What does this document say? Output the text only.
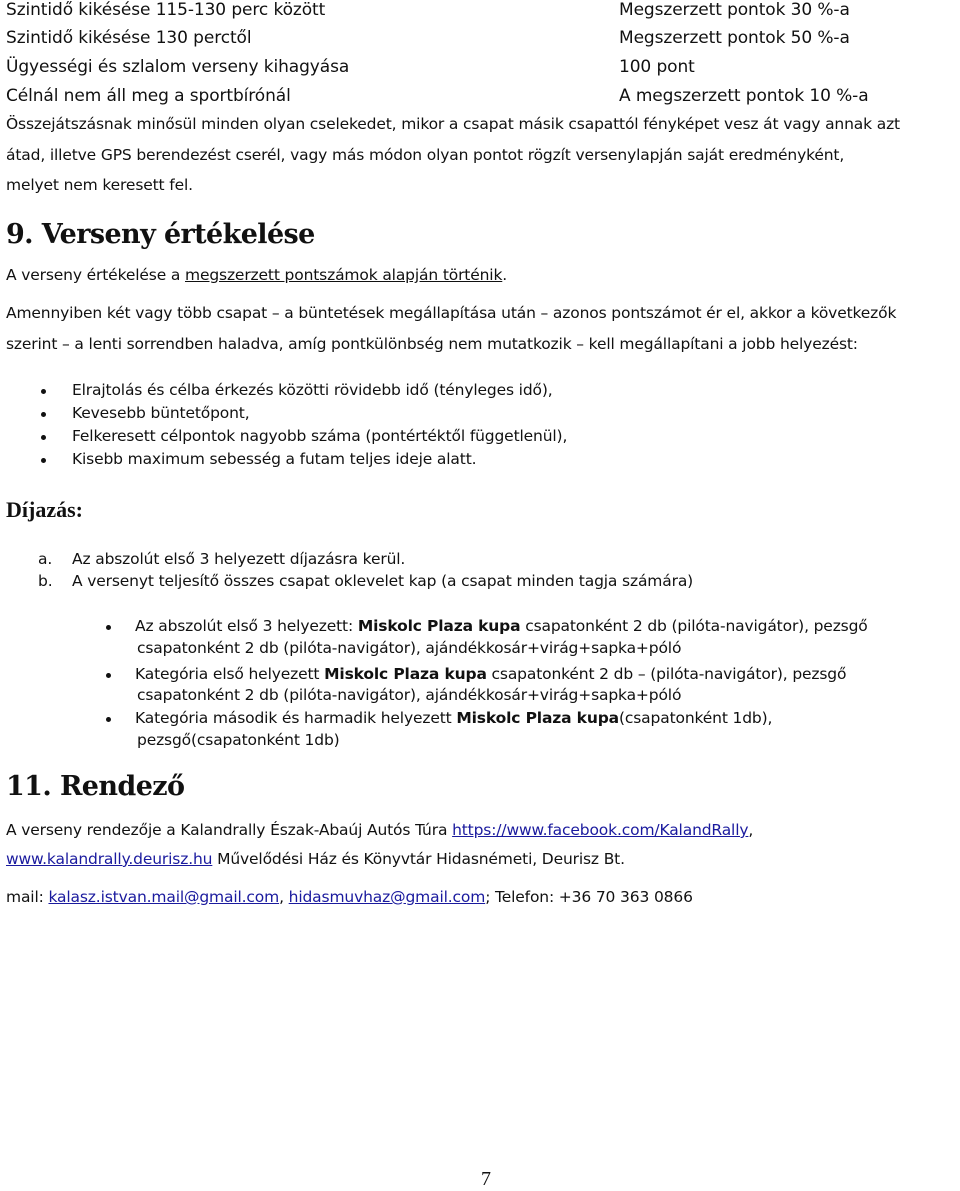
Szintidő kikésése 115-130 perc között	Megszerzett pontok 30 %-a
Szintidő kikésése 130 perctől	Megszerzett pontok 50 %-a
Ügyességi és szlalom verseny kihagyása	100 pont
Célnál nem áll meg a sportbírónál	A megszerzett pontok 10 %-a
Összejátszásnak minősül minden olyan cselekedet, mikor a csapat másik csapattól fényképet vesz át vagy annak azt
átad, illetve GPS berendezést cserél, vagy más módon olyan pontot rögzít versenylapján saját eredményként,
melyet nem keresett fel.
9. Verseny értékelése
A verseny értékelése a megszerzett pontszámok alapján történik.
Amennyiben két vagy több csapat – a büntetések megállapítása után – azonos pontszámot ér el, akkor a következők
szerint – a lenti sorrendben haladva, amíg pontkülönbség nem mutatkozik – kell megállapítani a jobb helyezést:
Elrajtolás és célba érkezés közötti rövidebb idő (tényleges idő),
Kevesebb büntetőpont,
Felkeresett célpontok nagyobb száma (pontértéktől függetlenül),
Kisebb maximum sebesség a futam teljes ideje alatt.
Díjazás:
a. Az abszolút első 3 helyezett díjazásra kerül.
b. A versenyt teljesítő összes csapat oklevelet kap (a csapat minden tagja számára)
Az abszolút első 3 helyezett: Miskolc Plaza kupa csapatonként 2 db (pilóta-navigátor), pezsgő
csapatonként 2 db (pilóta-navigátor), ajándékkosár+virág+sapka+póló
Kategória első helyezett Miskolc Plaza kupa csapatonként 2 db – (pilóta-navigátor), pezsgő
csapatonként 2 db (pilóta-navigátor), ajándékkosár+virág+sapka+póló
Kategória második és harmadik helyezett Miskolc Plaza kupa(csapatonként 1db),
pezsgő(csapatonként 1db)
11. Rendező
A verseny rendezője a Kalandrally Észak-Abaúj Autós Túra https://www.facebook.com/KalandRally,
www.kalandrally.deurisz.hu Művelődési Ház és Könyvtár Hidasnémeti, Deurisz Bt.
mail: kalasz.istvan.mail@gmail.com, hidasmuvhaz@gmail.com; Telefon: +36 70 363 0866
7
